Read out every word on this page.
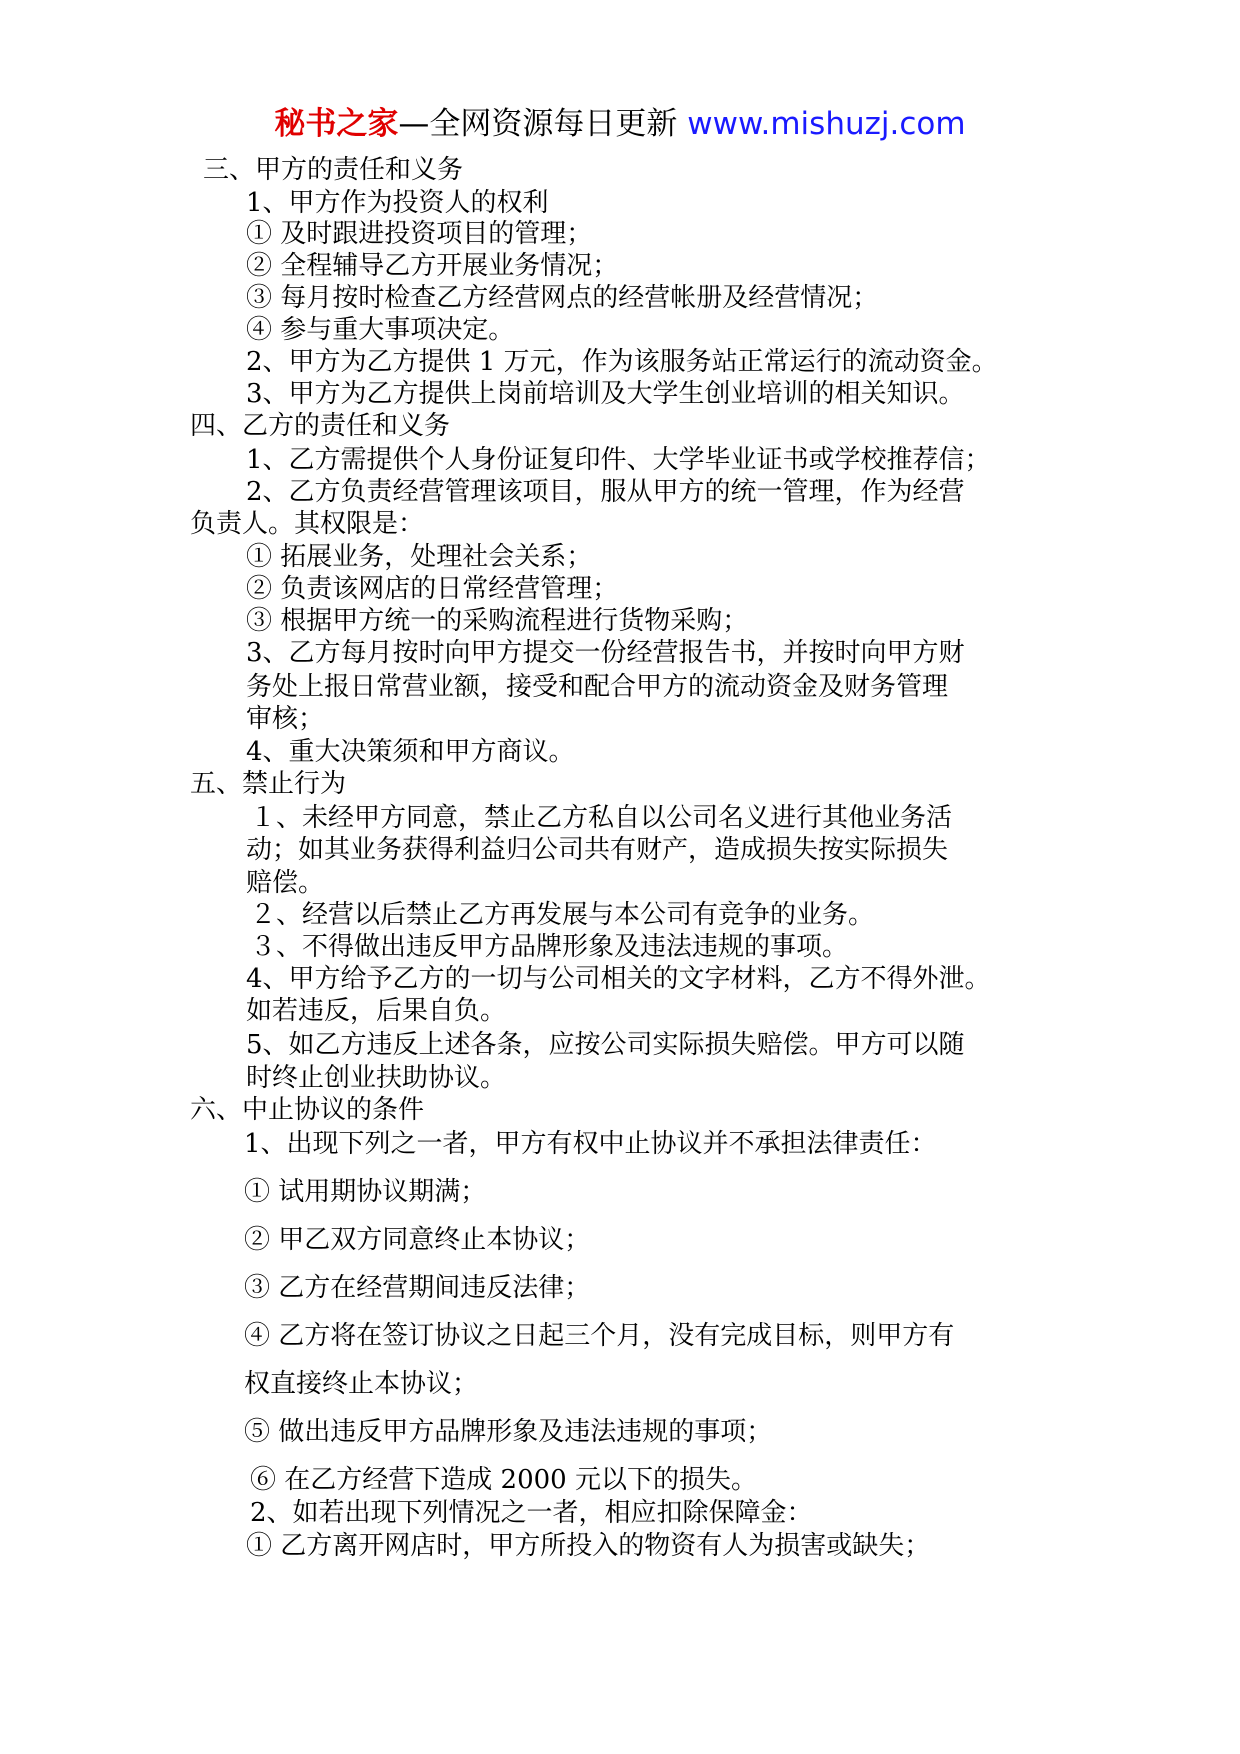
秘书之家—全网资源每日更新 www.mishuzj.com
三、甲方的责任和义务
1、甲方作为投资人的权利
① 及时跟进投资项目的管理；
② 全程辅导乙方开展业务情况；
③ 每月按时检查乙方经营网点的经营帐册及经营情况；
④ 参与重大事项决定。
2、甲方为乙方提供 1 万元，作为该服务站正常运行的流动资金。
3、甲方为乙方提供上岗前培训及大学生创业培训的相关知识。
四、乙方的责任和义务
1、乙方需提供个人身份证复印件、大学毕业证书或学校推荐信；
2、乙方负责经营管理该项目，服从甲方的统一管理，作为经营
负责人。其权限是：
① 拓展业务，处理社会关系；
② 负责该网店的日常经营管理；
③ 根据甲方统一的采购流程进行货物采购；
3、乙方每月按时向甲方提交一份经营报告书，并按时向甲方财
务处上报日常营业额，接受和配合甲方的流动资金及财务管理
审核；
4、重大决策须和甲方商议。
五、禁止行为
１、未经甲方同意，禁止乙方私自以公司名义进行其他业务活
动；如其业务获得利益归公司共有财产，造成损失按实际损失
赔偿。
２、经营以后禁止乙方再发展与本公司有竞争的业务。
３、不得做出违反甲方品牌形象及违法违规的事项。
4、甲方给予乙方的一切与公司相关的文字材料，乙方不得外泄。
如若违反，后果自负。
5、如乙方违反上述各条，应按公司实际损失赔偿。甲方可以随
时终止创业扶助协议。
六、中止协议的条件
1、出现下列之一者，甲方有权中止协议并不承担法律责任：
① 试用期协议期满；
② 甲乙双方同意终止本协议；
③ 乙方在经营期间违反法律；
④ 乙方将在签订协议之日起三个月，没有完成目标，则甲方有
权直接终止本协议；
⑤ 做出违反甲方品牌形象及违法违规的事项；
⑥ 在乙方经营下造成 2000 元以下的损失。
2、如若出现下列情况之一者，相应扣除保障金：
① 乙方离开网店时，甲方所投入的物资有人为损害或缺失；
